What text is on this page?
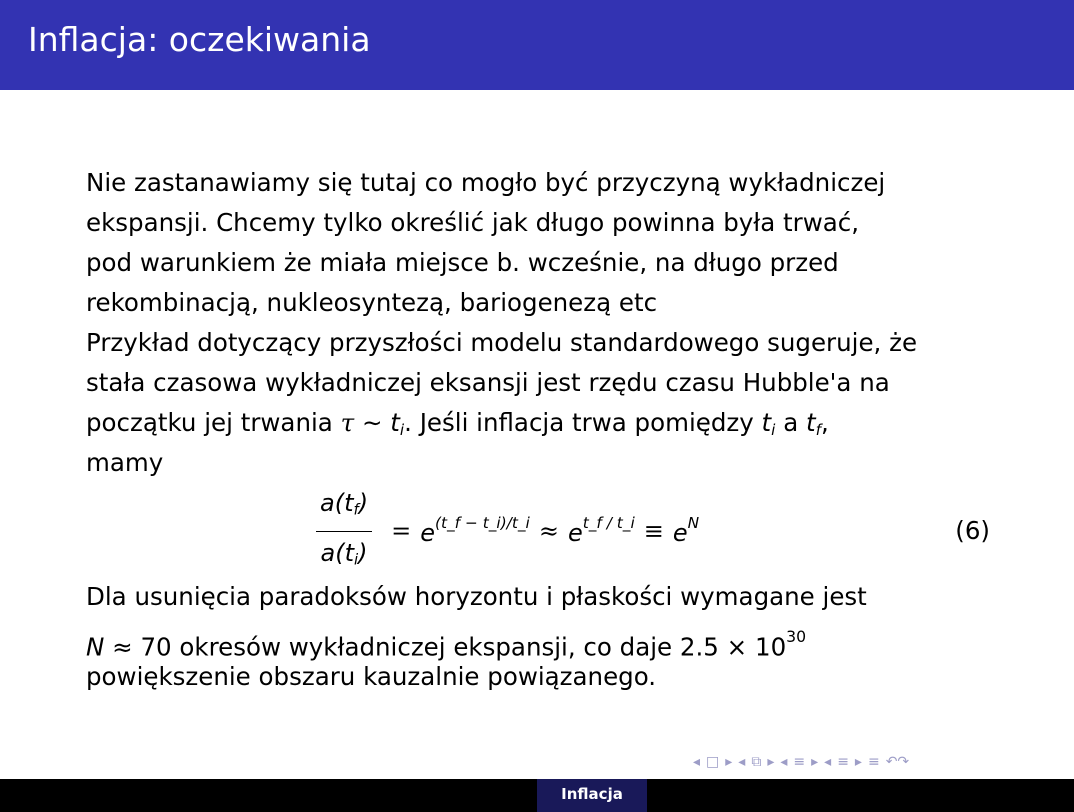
Inflacja: oczekiwania
Nie zastanawiamy się tutaj co mogło być przyczyną wykładniczej
ekspansji. Chcemy tylko określić jak długo powinna była trwać,
pod warunkiem że miała miejsce b. wcześnie, na długo przed
rekombinacją, nukleosyntezą, bariogenezą etc
Przykład dotyczący przyszłości modelu standardowego sugeruje, że
stała czasowa wykładniczej eksansji jest rzędu czasu Hubble'a na
początku jej trwania τ ∼ $t_i$. Jeśli inflacja trwa pomiędzy $t_i$ a $t_f$,
mamy
$\frac{a(t_f)}{a(t_i)} = e^{(t\_f - t\_i)/t\_i} \approx e^{t\_f / t\_i} \equiv e^N$	(6)
Dla usunięcia paradoksów horyzontu i płaskości wymagane jest
N ≈ 70 okresów wykładniczej ekspansji, co daje $2.5 \times 10^{30}$
powiększenie obszaru kauzalnie powiązanego.
◂ □ ▸ ◂ ⧉ ▸ ◂ ≡ ▸ ◂ ≡ ▸ ≡ ↶↷
Inflacja
